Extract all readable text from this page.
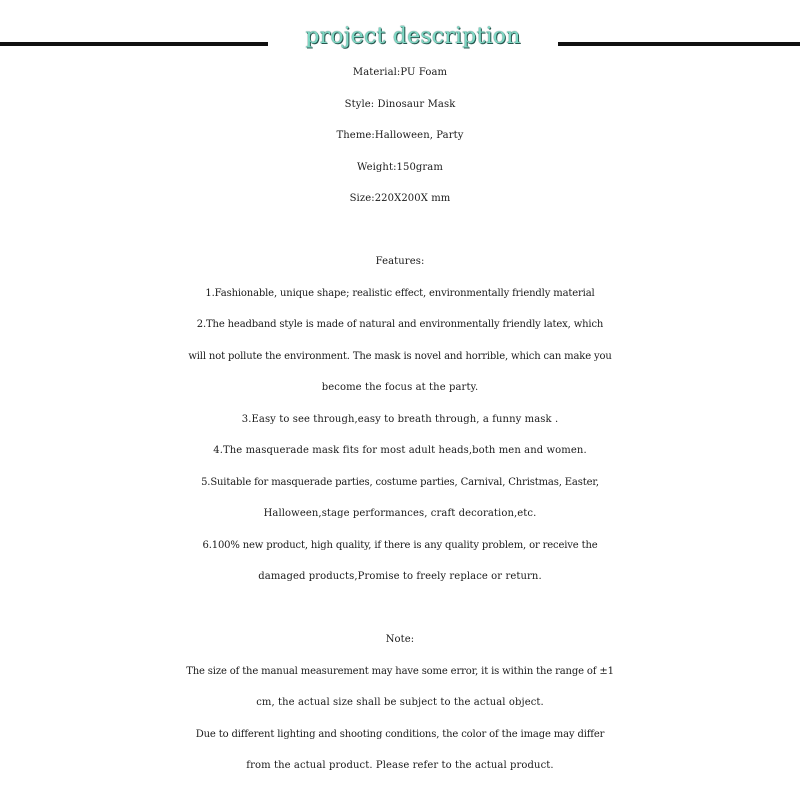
project description
Material:PU Foam
Style: Dinosaur Mask
Theme:Halloween, Party
Weight:150gram
Size:220X200X mm
Features:
1.Fashionable, unique shape; realistic effect, environmentally friendly material
2.The headband style is made of natural and environmentally friendly latex, which
will not pollute the environment. The mask is novel and horrible, which can make you
become the focus at the party.
3.Easy to see through,easy to breath through, a funny mask .
4.The masquerade mask fits for most adult heads,both men and women.
5.Suitable for masquerade parties, costume parties, Carnival, Christmas, Easter,
Halloween,stage performances, craft decoration,etc.
6.100% new product, high quality, if there is any quality problem, or receive the
damaged products,Promise to freely replace or return.
Note:
The size of the manual measurement may have some error, it is within the range of ±1
cm, the actual size shall be subject to the actual object.
Due to different lighting and shooting conditions, the color of the image may differ
from the actual product. Please refer to the actual product.
